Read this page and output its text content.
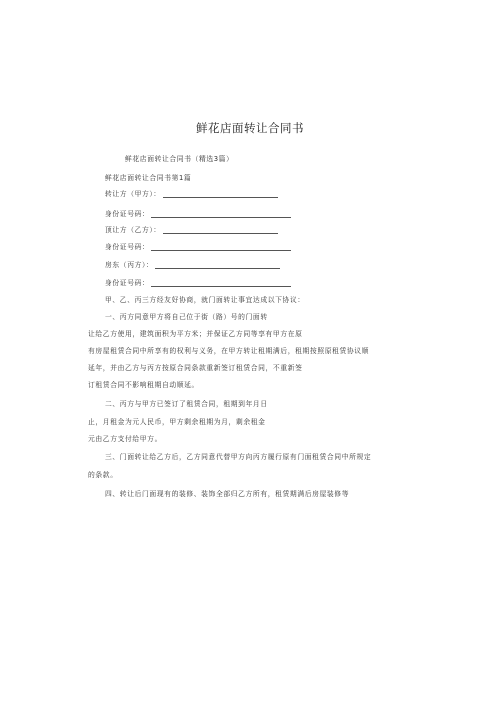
鲜花店面转让合同书
鲜花店面转让合同书（精选3篇）
鲜花店面转让合同书第1篇
转让方（甲方）：
身份证号码：
顶让方（乙方）：
身份证号码：
房东（丙方）：
身份证号码：
甲、乙、丙三方经友好协商，就门面转让事宜达成以下协议：
一、丙方同意甲方将自己位于街（路）号的门面转
让给乙方使用，建筑面积为平方米；并保证乙方同等享有甲方在原
有房屋租赁合同中所享有的权利与义务，在甲方转让租期满后，租期按照原租赁协议顺
延年，并由乙方与丙方按原合同条款重新签订租赁合同，不重新签
订租赁合同不影响租期自动顺延。
二、丙方与甲方已签订了租赁合同，租期到年月日
止，月租金为元人民币，甲方剩余租期为月，剩余租金
元由乙方支付给甲方。
三、门面转让给乙方后，乙方同意代替甲方向丙方履行原有门面租赁合同中所规定
的条款。
四、转让后门面现有的装修、装饰全部归乙方所有，租赁期满后房屋装修等
